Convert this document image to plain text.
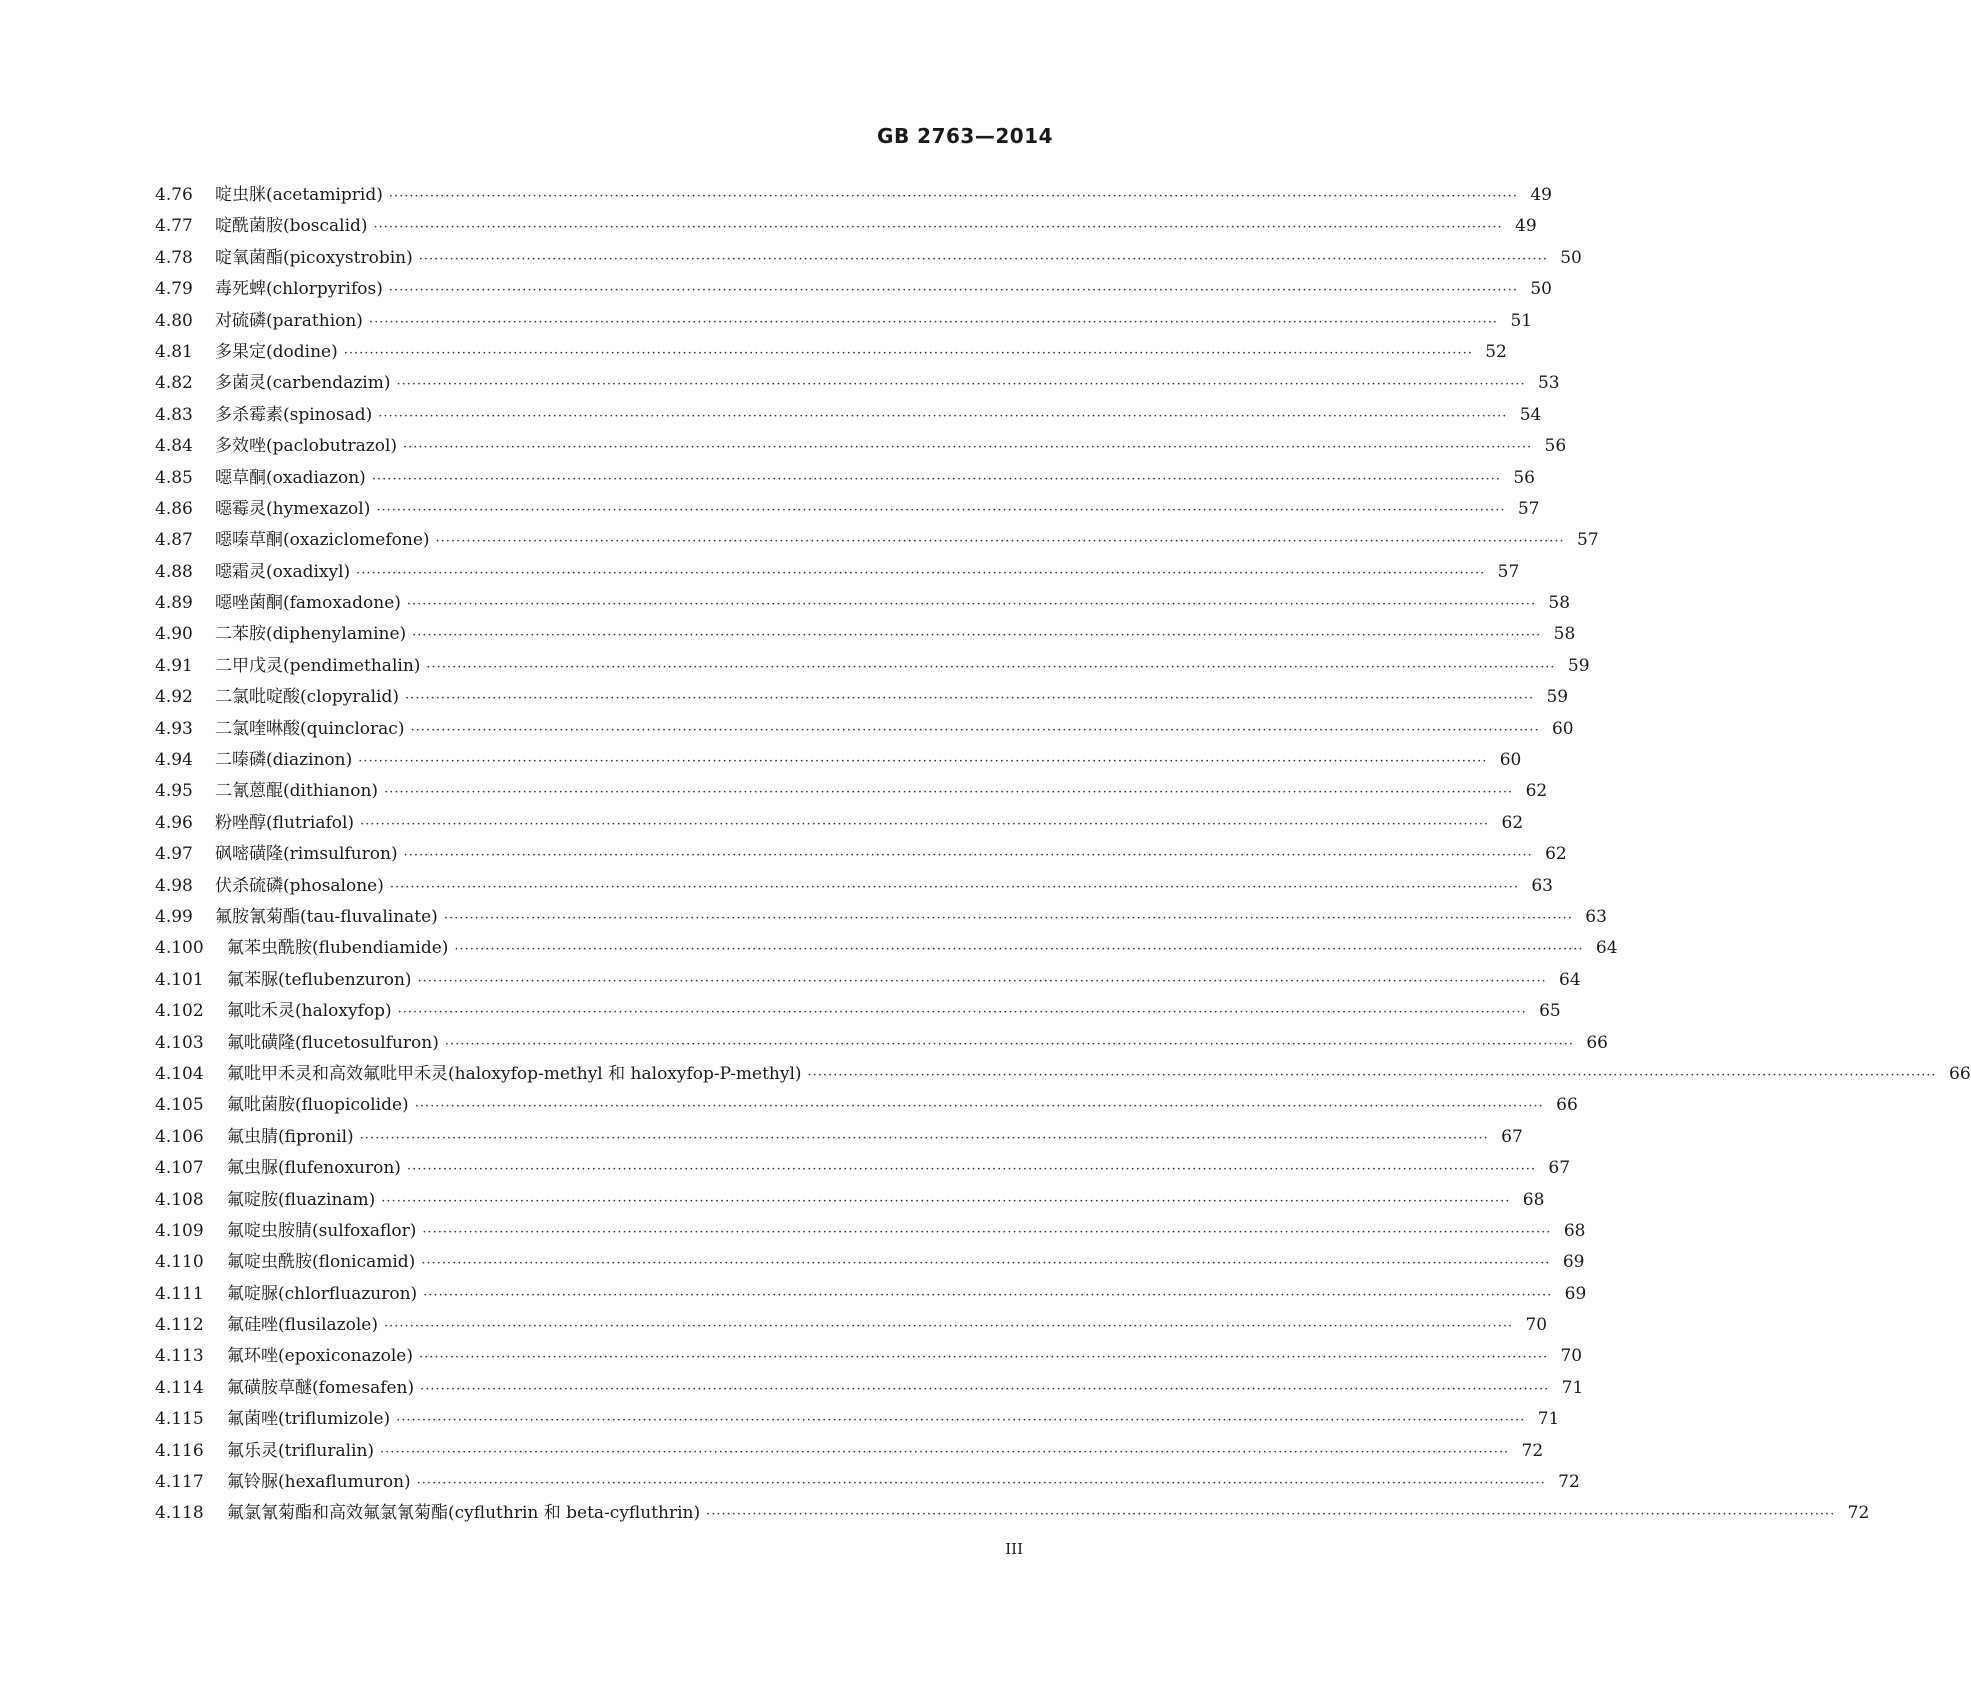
GB 2763—2014
4.76	啶虫脒(acetamiprid) ···························································································································································································································· 49
4.77	啶酰菌胺(boscalid) ···························································································································································································································· 49
4.78	啶氧菌酯(picoxystrobin) ···························································································································································································································· 50
4.79	毒死蜱(chlorpyrifos) ···························································································································································································································· 50
4.80	对硫磷(parathion) ···························································································································································································································· 51
4.81	多果定(dodine) ···························································································································································································································· 52
4.82	多菌灵(carbendazim) ···························································································································································································································· 53
4.83	多杀霉素(spinosad) ···························································································································································································································· 54
4.84	多效唑(paclobutrazol) ···························································································································································································································· 56
4.85	噁草酮(oxadiazon) ···························································································································································································································· 56
4.86	噁霉灵(hymexazol) ···························································································································································································································· 57
4.87	噁嗪草酮(oxaziclomefone) ···························································································································································································································· 57
4.88	噁霜灵(oxadixyl) ···························································································································································································································· 57
4.89	噁唑菌酮(famoxadone) ···························································································································································································································· 58
4.90	二苯胺(diphenylamine) ···························································································································································································································· 58
4.91	二甲戊灵(pendimethalin) ···························································································································································································································· 59
4.92	二氯吡啶酸(clopyralid) ···························································································································································································································· 59
4.93	二氯喹啉酸(quinclorac) ···························································································································································································································· 60
4.94	二嗪磷(diazinon) ···························································································································································································································· 60
4.95	二氰蒽醌(dithianon) ···························································································································································································································· 62
4.96	粉唑醇(flutriafol) ···························································································································································································································· 62
4.97	砜嘧磺隆(rimsulfuron) ···························································································································································································································· 62
4.98	伏杀硫磷(phosalone) ···························································································································································································································· 63
4.99	氟胺氰菊酯(tau-fluvalinate) ···························································································································································································································· 63
4.100	氟苯虫酰胺(flubendiamide) ···························································································································································································································· 64
4.101	氟苯脲(teflubenzuron) ···························································································································································································································· 64
4.102	氟吡禾灵(haloxyfop) ···························································································································································································································· 65
4.103	氟吡磺隆(flucetosulfuron) ···························································································································································································································· 66
4.104	氟吡甲禾灵和高效氟吡甲禾灵(haloxyfop-methyl 和 haloxyfop-P-methyl) ···························································································································································································································· 66
4.105	氟吡菌胺(fluopicolide) ···························································································································································································································· 66
4.106	氟虫腈(fipronil) ···························································································································································································································· 67
4.107	氟虫脲(flufenoxuron) ···························································································································································································································· 67
4.108	氟啶胺(fluazinam) ···························································································································································································································· 68
4.109	氟啶虫胺腈(sulfoxaflor) ···························································································································································································································· 68
4.110	氟啶虫酰胺(flonicamid) ···························································································································································································································· 69
4.111	氟啶脲(chlorfluazuron) ···························································································································································································································· 69
4.112	氟硅唑(flusilazole) ···························································································································································································································· 70
4.113	氟环唑(epoxiconazole) ···························································································································································································································· 70
4.114	氟磺胺草醚(fomesafen) ···························································································································································································································· 71
4.115	氟菌唑(triflumizole) ···························································································································································································································· 71
4.116	氟乐灵(trifluralin) ···························································································································································································································· 72
4.117	氟铃脲(hexaflumuron) ···························································································································································································································· 72
4.118	氟氯氰菊酯和高效氟氯氰菊酯(cyfluthrin 和 beta-cyfluthrin) ···························································································································································································································· 72
III
